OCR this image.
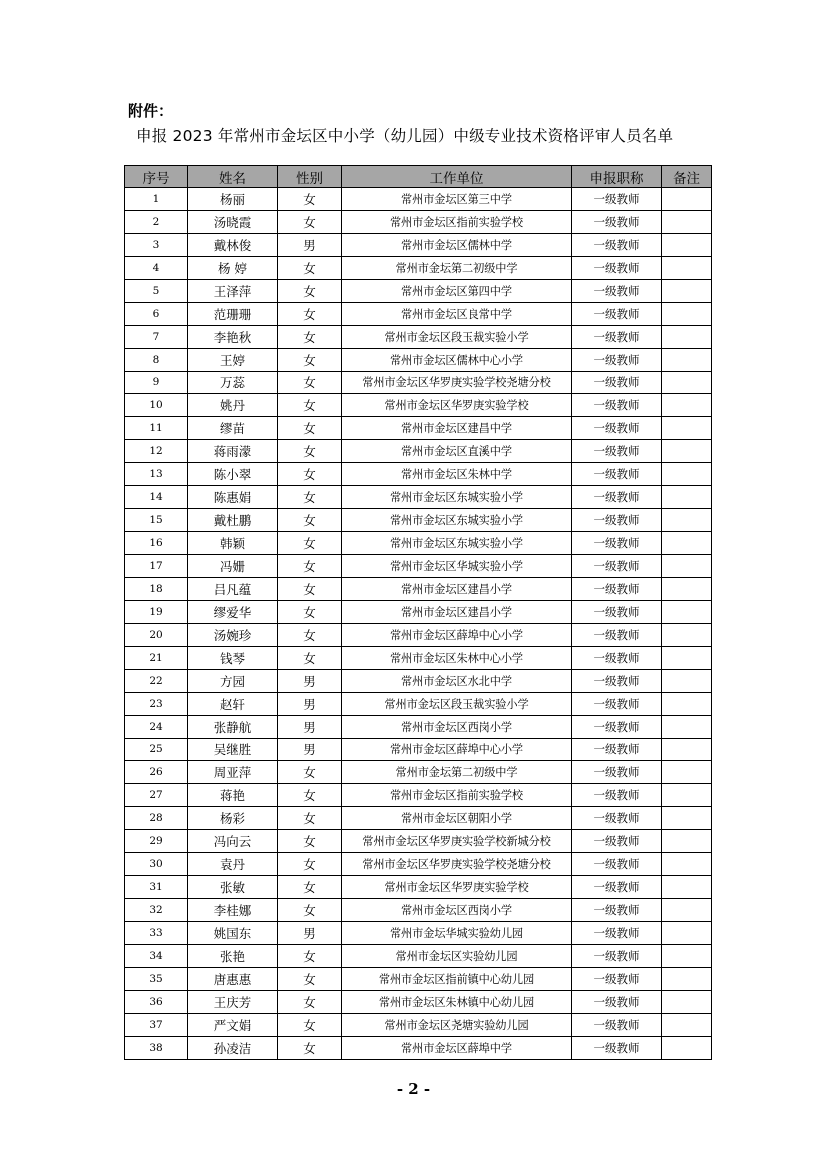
附件：
申报 2023 年常州市金坛区中小学（幼儿园）中级专业技术资格评审人员名单
序号	姓名	性别	工作单位	申报职称	备注
1	杨丽	女	常州市金坛区第三中学	一级教师	
2	汤晓霞	女	常州市金坛区指前实验学校	一级教师	
3	戴林俊	男	常州市金坛区儒林中学	一级教师	
4	杨 婷	女	常州市金坛第二初级中学	一级教师	
5	王泽萍	女	常州市金坛区第四中学	一级教师	
6	范珊珊	女	常州市金坛区良常中学	一级教师	
7	李艳秋	女	常州市金坛区段玉裁实验小学	一级教师	
8	王婷	女	常州市金坛区儒林中心小学	一级教师	
9	万蕊	女	常州市金坛区华罗庚实验学校尧塘分校	一级教师	
10	姚丹	女	常州市金坛区华罗庚实验学校	一级教师	
11	缪苗	女	常州市金坛区建昌中学	一级教师	
12	蒋雨濛	女	常州市金坛区直溪中学	一级教师	
13	陈小翠	女	常州市金坛区朱林中学	一级教师	
14	陈惠娟	女	常州市金坛区东城实验小学	一级教师	
15	戴杜鹏	女	常州市金坛区东城实验小学	一级教师	
16	韩颖	女	常州市金坛区东城实验小学	一级教师	
17	冯姗	女	常州市金坛区华城实验小学	一级教师	
18	吕凡蕴	女	常州市金坛区建昌小学	一级教师	
19	缪爱华	女	常州市金坛区建昌小学	一级教师	
20	汤婉珍	女	常州市金坛区薛埠中心小学	一级教师	
21	钱琴	女	常州市金坛区朱林中心小学	一级教师	
22	方园	男	常州市金坛区水北中学	一级教师	
23	赵轩	男	常州市金坛区段玉裁实验小学	一级教师	
24	张静航	男	常州市金坛区西岗小学	一级教师	
25	吴继胜	男	常州市金坛区薛埠中心小学	一级教师	
26	周亚萍	女	常州市金坛第二初级中学	一级教师	
27	蒋艳	女	常州市金坛区指前实验学校	一级教师	
28	杨彩	女	常州市金坛区朝阳小学	一级教师	
29	冯向云	女	常州市金坛区华罗庚实验学校新城分校	一级教师	
30	袁丹	女	常州市金坛区华罗庚实验学校尧塘分校	一级教师	
31	张敏	女	常州市金坛区华罗庚实验学校	一级教师	
32	李桂娜	女	常州市金坛区西岗小学	一级教师	
33	姚国东	男	常州市金坛华城实验幼儿园	一级教师	
34	张艳	女	常州市金坛区实验幼儿园	一级教师	
35	唐惠惠	女	常州市金坛区指前镇中心幼儿园	一级教师	
36	王庆芳	女	常州市金坛区朱林镇中心幼儿园	一级教师	
37	严文娟	女	常州市金坛区尧塘实验幼儿园	一级教师	
38	孙凌洁	女	常州市金坛区薛埠中学	一级教师	
- 2 -
